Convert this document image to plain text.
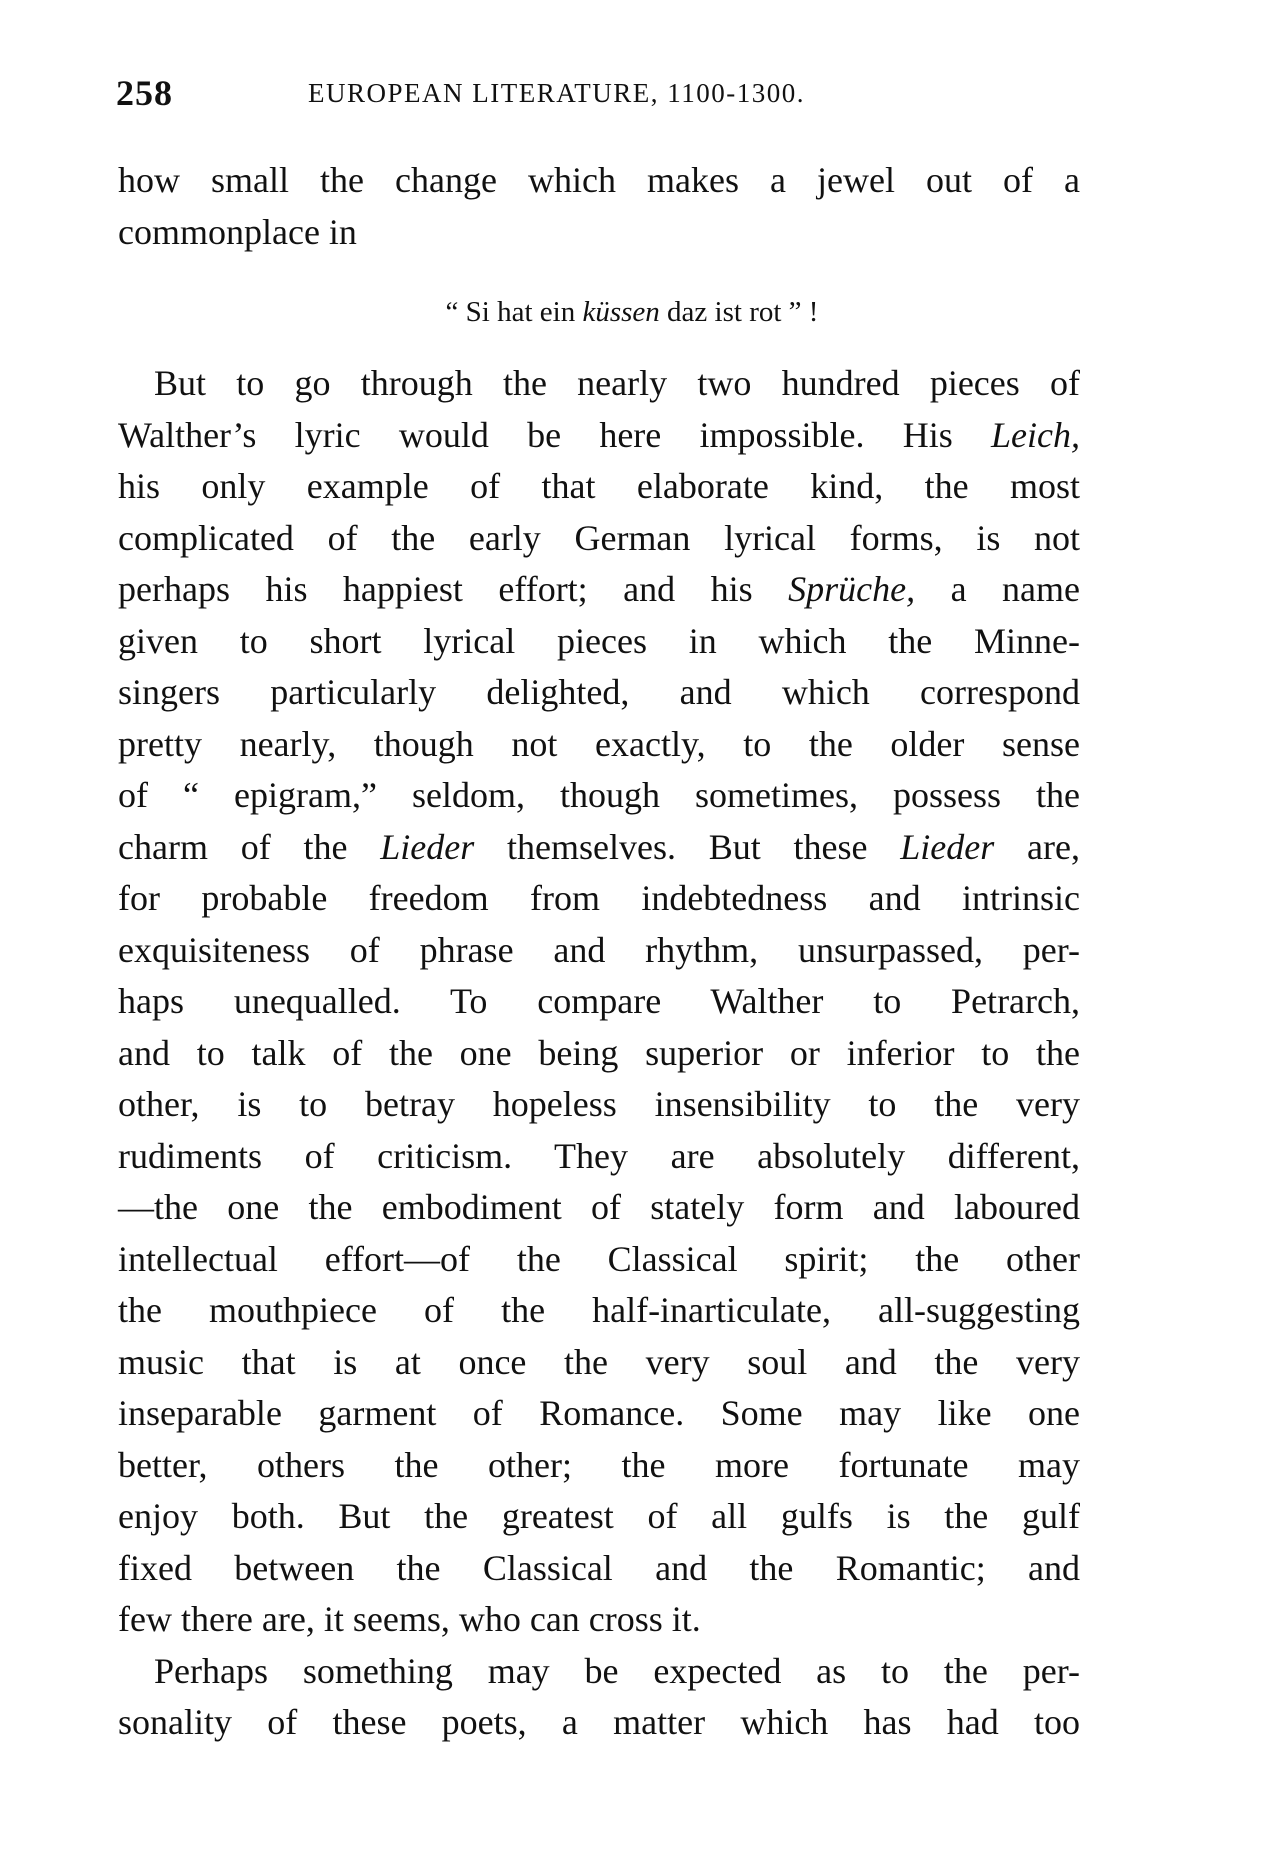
258	EUROPEAN LITERATURE, 1100-1300.
how small the change which makes a jewel out of a
commonplace in
“ Si hat ein küssen daz ist rot ” !
But to go through the nearly two hundred pieces of
Walther’s lyric would be here impossible. His Leich,
his only example of that elaborate kind, the most
complicated of the early German lyrical forms, is not
perhaps his happiest effort; and his Sprüche, a name
given to short lyrical pieces in which the Minne-
singers particularly delighted, and which correspond
pretty nearly, though not exactly, to the older sense
of “ epigram,” seldom, though sometimes, possess the
charm of the Lieder themselves. But these Lieder are,
for probable freedom from indebtedness and intrinsic
exquisiteness of phrase and rhythm, unsurpassed, per-
haps unequalled. To compare Walther to Petrarch,
and to talk of the one being superior or inferior to the
other, is to betray hopeless insensibility to the very
rudiments of criticism. They are absolutely different,
—the one the embodiment of stately form and laboured
intellectual effort—of the Classical spirit; the other
the mouthpiece of the half-inarticulate, all-suggesting
music that is at once the very soul and the very
inseparable garment of Romance. Some may like one
better, others the other; the more fortunate may
enjoy both. But the greatest of all gulfs is the gulf
fixed between the Classical and the Romantic; and
few there are, it seems, who can cross it.
Perhaps something may be expected as to the per-
sonality of these poets, a matter which has had too
